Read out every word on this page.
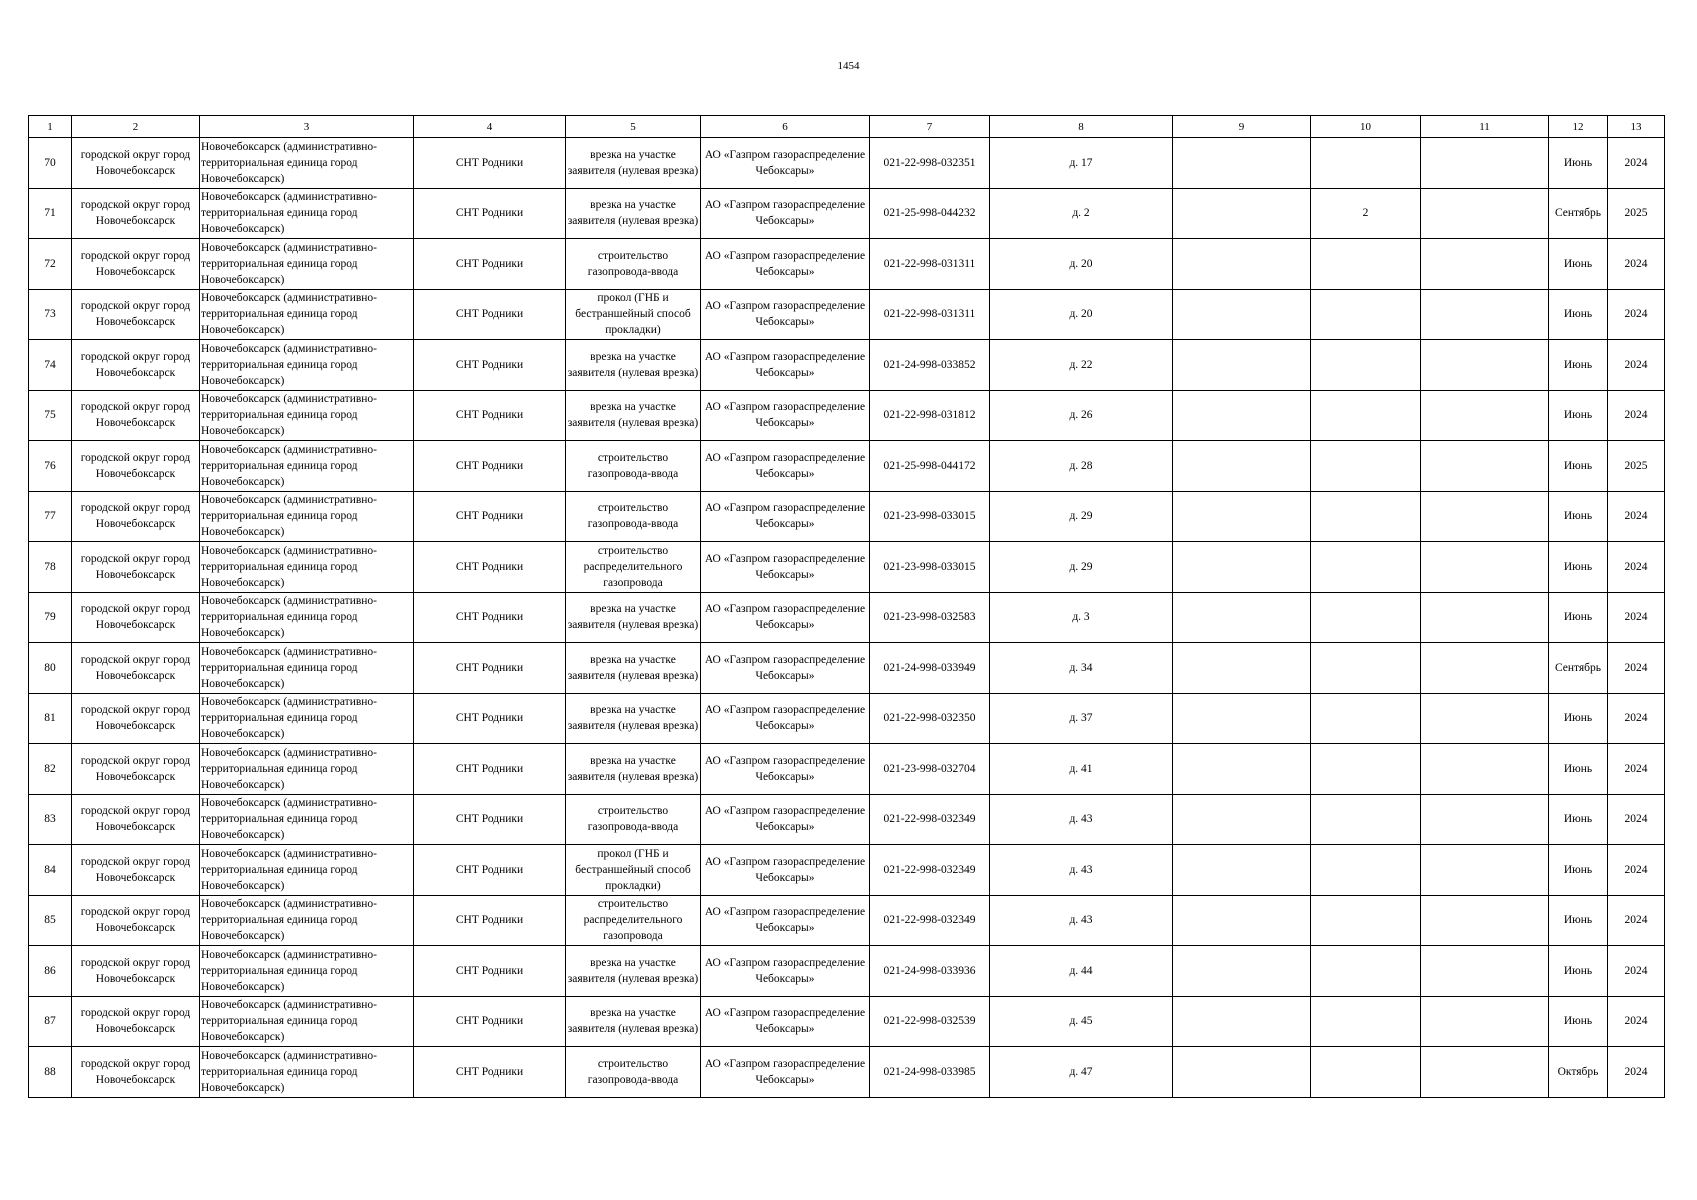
1454
1	2	3	4	5	6	7	8	9	10	11	12	13
70	городской округ город Новочебоксарск	Новочебоксарск (административно-территориальная единица город Новочебоксарск)	СНТ Родники	врезка на участке заявителя (нулевая врезка)	АО «Газпром газораспределение Чебоксары»	021-22-998-032351	д. 17				Июнь	2024
71	городской округ город Новочебоксарск	Новочебоксарск (административно-территориальная единица город Новочебоксарск)	СНТ Родники	врезка на участке заявителя (нулевая врезка)	АО «Газпром газораспределение Чебоксары»	021-25-998-044232	д. 2		2		Сентябрь	2025
72	городской округ город Новочебоксарск	Новочебоксарск (административно-территориальная единица город Новочебоксарск)	СНТ Родники	строительство газопровода-ввода	АО «Газпром газораспределение Чебоксары»	021-22-998-031311	д. 20				Июнь	2024
73	городской округ город Новочебоксарск	Новочебоксарск (административно-территориальная единица город Новочебоксарск)	СНТ Родники	прокол (ГНБ и бестраншейный способ прокладки)	АО «Газпром газораспределение Чебоксары»	021-22-998-031311	д. 20				Июнь	2024
74	городской округ город Новочебоксарск	Новочебоксарск (административно-территориальная единица город Новочебоксарск)	СНТ Родники	врезка на участке заявителя (нулевая врезка)	АО «Газпром газораспределение Чебоксары»	021-24-998-033852	д. 22				Июнь	2024
75	городской округ город Новочебоксарск	Новочебоксарск (административно-территориальная единица город Новочебоксарск)	СНТ Родники	врезка на участке заявителя (нулевая врезка)	АО «Газпром газораспределение Чебоксары»	021-22-998-031812	д. 26				Июнь	2024
76	городской округ город Новочебоксарск	Новочебоксарск (административно-территориальная единица город Новочебоксарск)	СНТ Родники	строительство газопровода-ввода	АО «Газпром газораспределение Чебоксары»	021-25-998-044172	д. 28				Июнь	2025
77	городской округ город Новочебоксарск	Новочебоксарск (административно-территориальная единица город Новочебоксарск)	СНТ Родники	строительство газопровода-ввода	АО «Газпром газораспределение Чебоксары»	021-23-998-033015	д. 29				Июнь	2024
78	городской округ город Новочебоксарск	Новочебоксарск (административно-территориальная единица город Новочебоксарск)	СНТ Родники	строительство распределительного газопровода	АО «Газпром газораспределение Чебоксары»	021-23-998-033015	д. 29				Июнь	2024
79	городской округ город Новочебоксарск	Новочебоксарск (административно-территориальная единица город Новочебоксарск)	СНТ Родники	врезка на участке заявителя (нулевая врезка)	АО «Газпром газораспределение Чебоксары»	021-23-998-032583	д. 3				Июнь	2024
80	городской округ город Новочебоксарск	Новочебоксарск (административно-территориальная единица город Новочебоксарск)	СНТ Родники	врезка на участке заявителя (нулевая врезка)	АО «Газпром газораспределение Чебоксары»	021-24-998-033949	д. 34				Сентябрь	2024
81	городской округ город Новочебоксарск	Новочебоксарск (административно-территориальная единица город Новочебоксарск)	СНТ Родники	врезка на участке заявителя (нулевая врезка)	АО «Газпром газораспределение Чебоксары»	021-22-998-032350	д. 37				Июнь	2024
82	городской округ город Новочебоксарск	Новочебоксарск (административно-территориальная единица город Новочебоксарск)	СНТ Родники	врезка на участке заявителя (нулевая врезка)	АО «Газпром газораспределение Чебоксары»	021-23-998-032704	д. 41				Июнь	2024
83	городской округ город Новочебоксарск	Новочебоксарск (административно-территориальная единица город Новочебоксарск)	СНТ Родники	строительство газопровода-ввода	АО «Газпром газораспределение Чебоксары»	021-22-998-032349	д. 43				Июнь	2024
84	городской округ город Новочебоксарск	Новочебоксарск (административно-территориальная единица город Новочебоксарск)	СНТ Родники	прокол (ГНБ и бестраншейный способ прокладки)	АО «Газпром газораспределение Чебоксары»	021-22-998-032349	д. 43				Июнь	2024
85	городской округ город Новочебоксарск	Новочебоксарск (административно-территориальная единица город Новочебоксарск)	СНТ Родники	строительство распределительного газопровода	АО «Газпром газораспределение Чебоксары»	021-22-998-032349	д. 43				Июнь	2024
86	городской округ город Новочебоксарск	Новочебоксарск (административно-территориальная единица город Новочебоксарск)	СНТ Родники	врезка на участке заявителя (нулевая врезка)	АО «Газпром газораспределение Чебоксары»	021-24-998-033936	д. 44				Июнь	2024
87	городской округ город Новочебоксарск	Новочебоксарск (административно-территориальная единица город Новочебоксарск)	СНТ Родники	врезка на участке заявителя (нулевая врезка)	АО «Газпром газораспределение Чебоксары»	021-22-998-032539	д. 45				Июнь	2024
88	городской округ город Новочебоксарск	Новочебоксарск (административно-территориальная единица город Новочебоксарск)	СНТ Родники	строительство газопровода-ввода	АО «Газпром газораспределение Чебоксары»	021-24-998-033985	д. 47				Октябрь	2024
